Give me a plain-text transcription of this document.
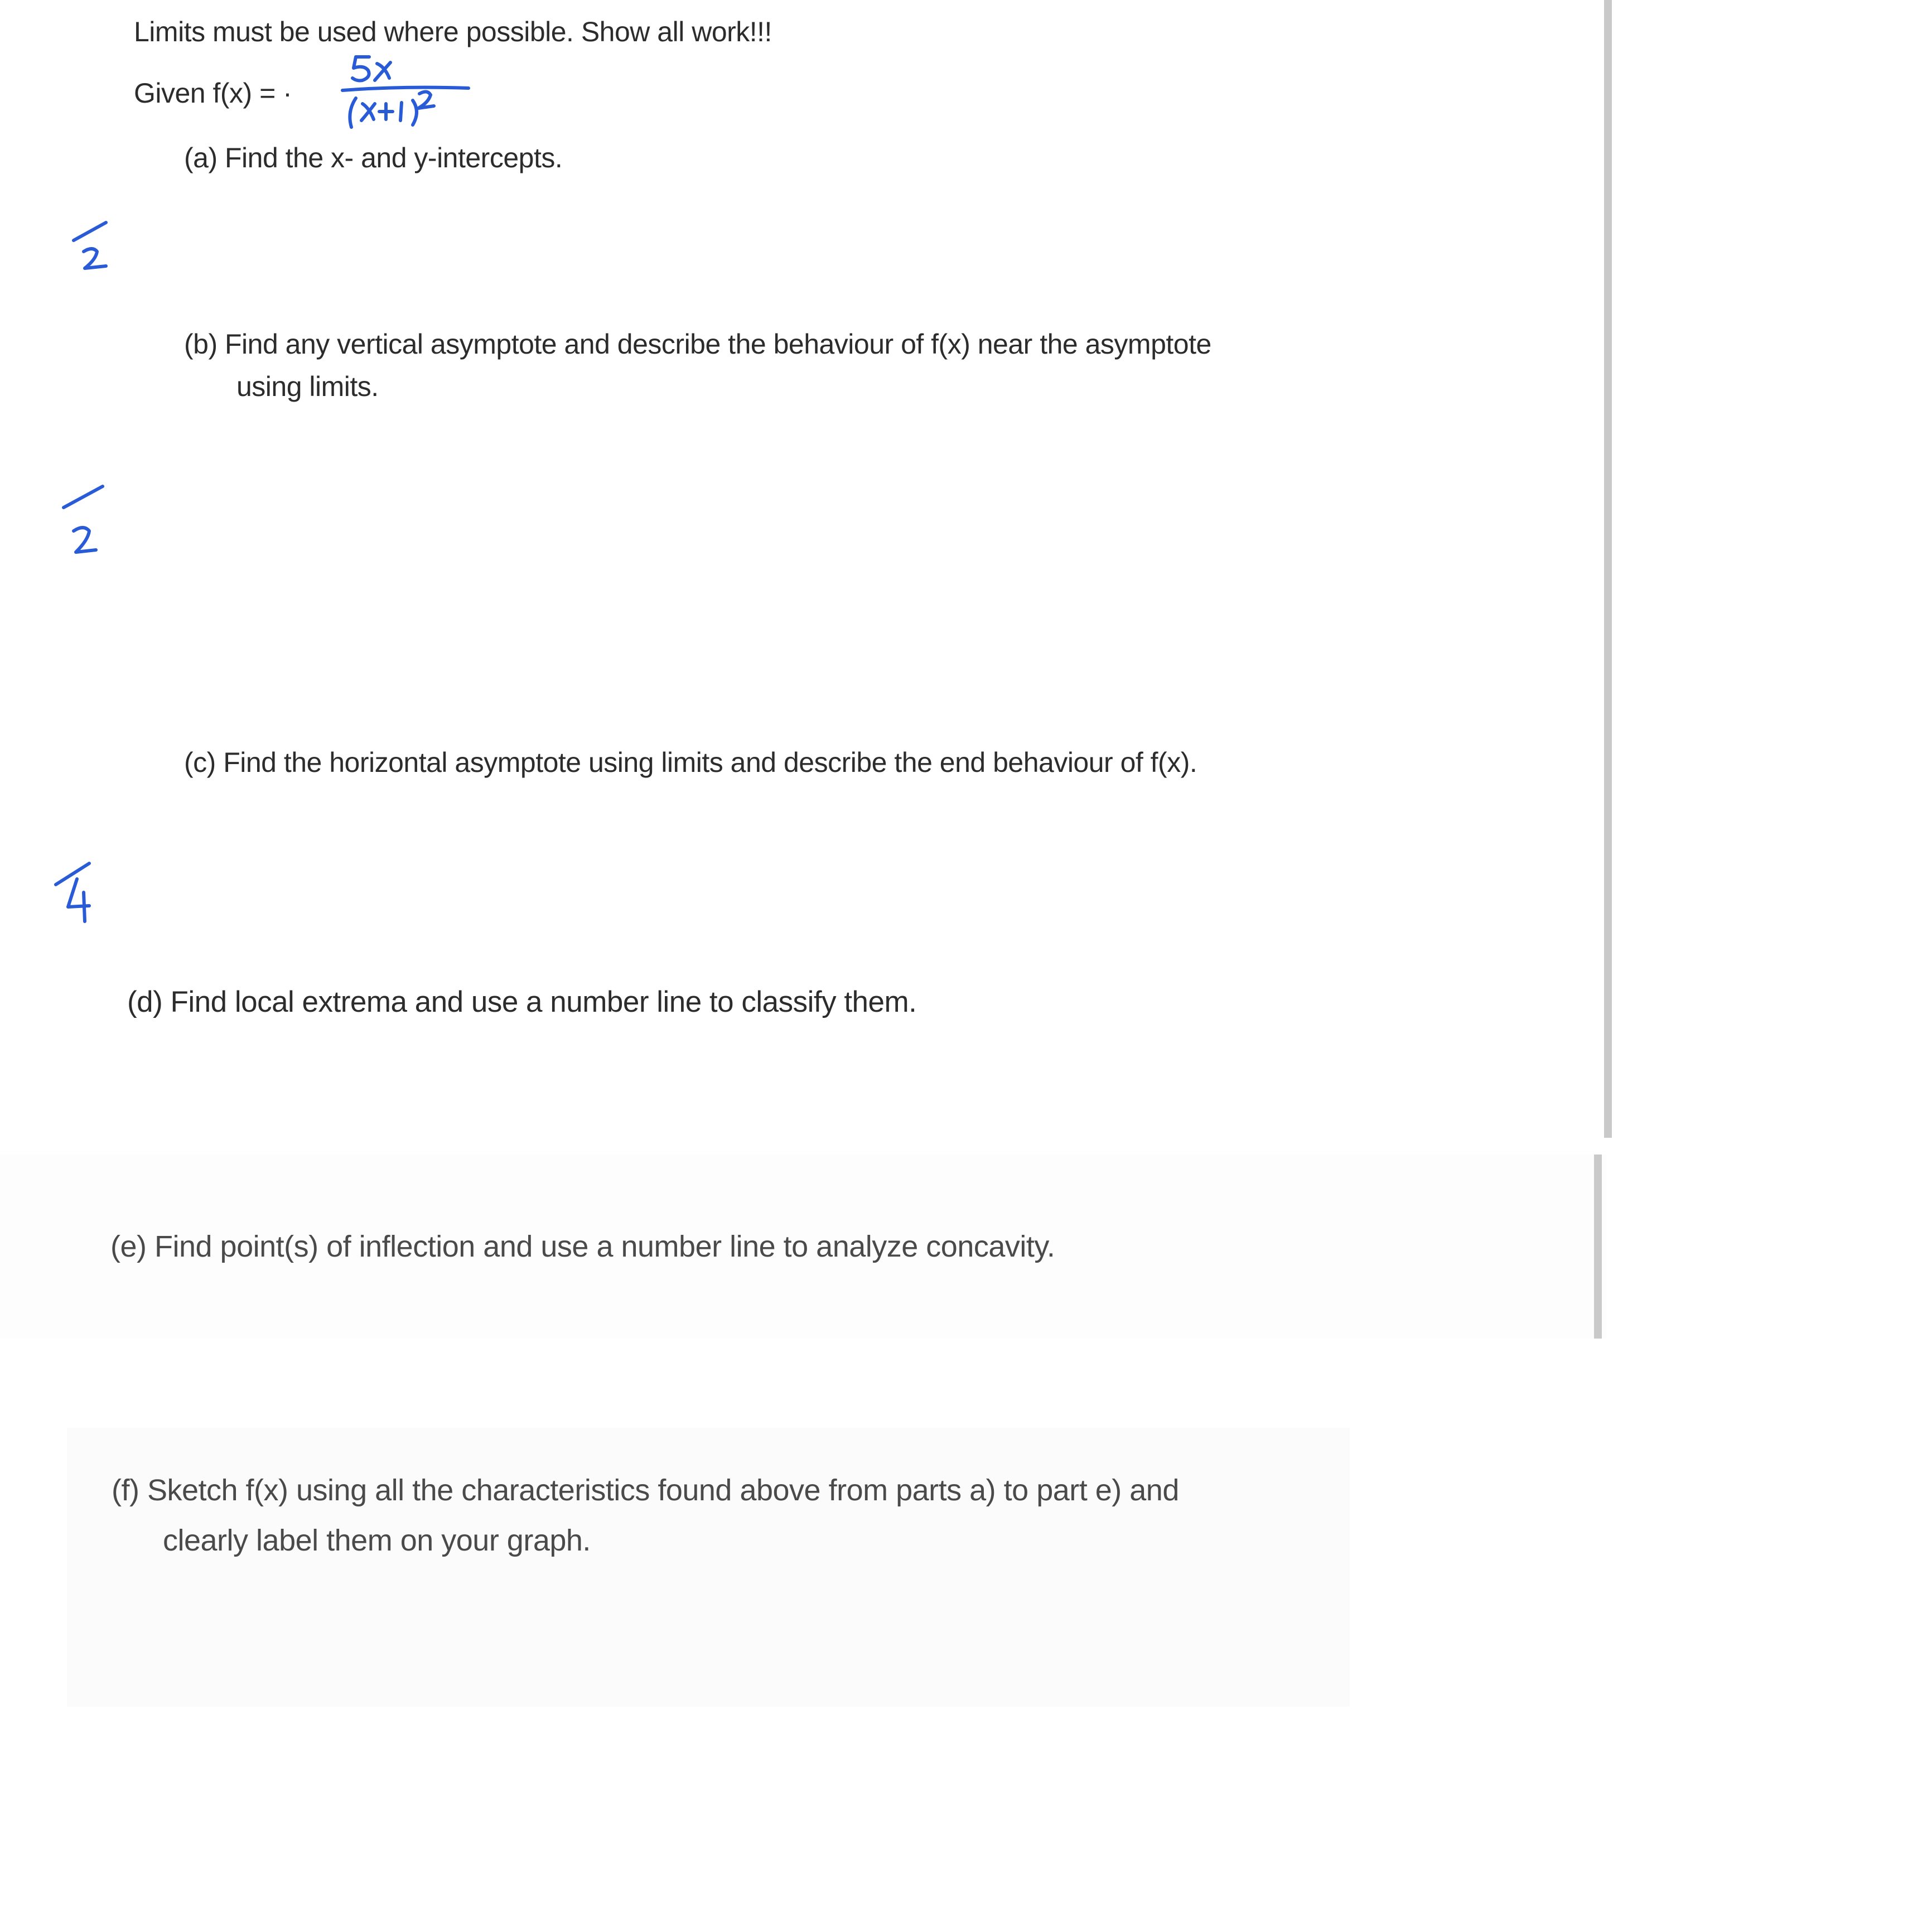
Limits must be used where possible. Show all work!!!
Given f(x) = ·
(a) Find the x- and y-intercepts.
(b) Find any vertical asymptote and describe the behaviour of f(x) near the asymptote
using limits.
(c) Find the horizontal asymptote using limits and describe the end behaviour of f(x).
(d) Find local extrema and use a number line to classify them.
(e) Find point(s) of inflection and use a number line to analyze concavity.
(f) Sketch f(x) using all the characteristics found above from parts a) to part e) and
clearly label them on your graph.
